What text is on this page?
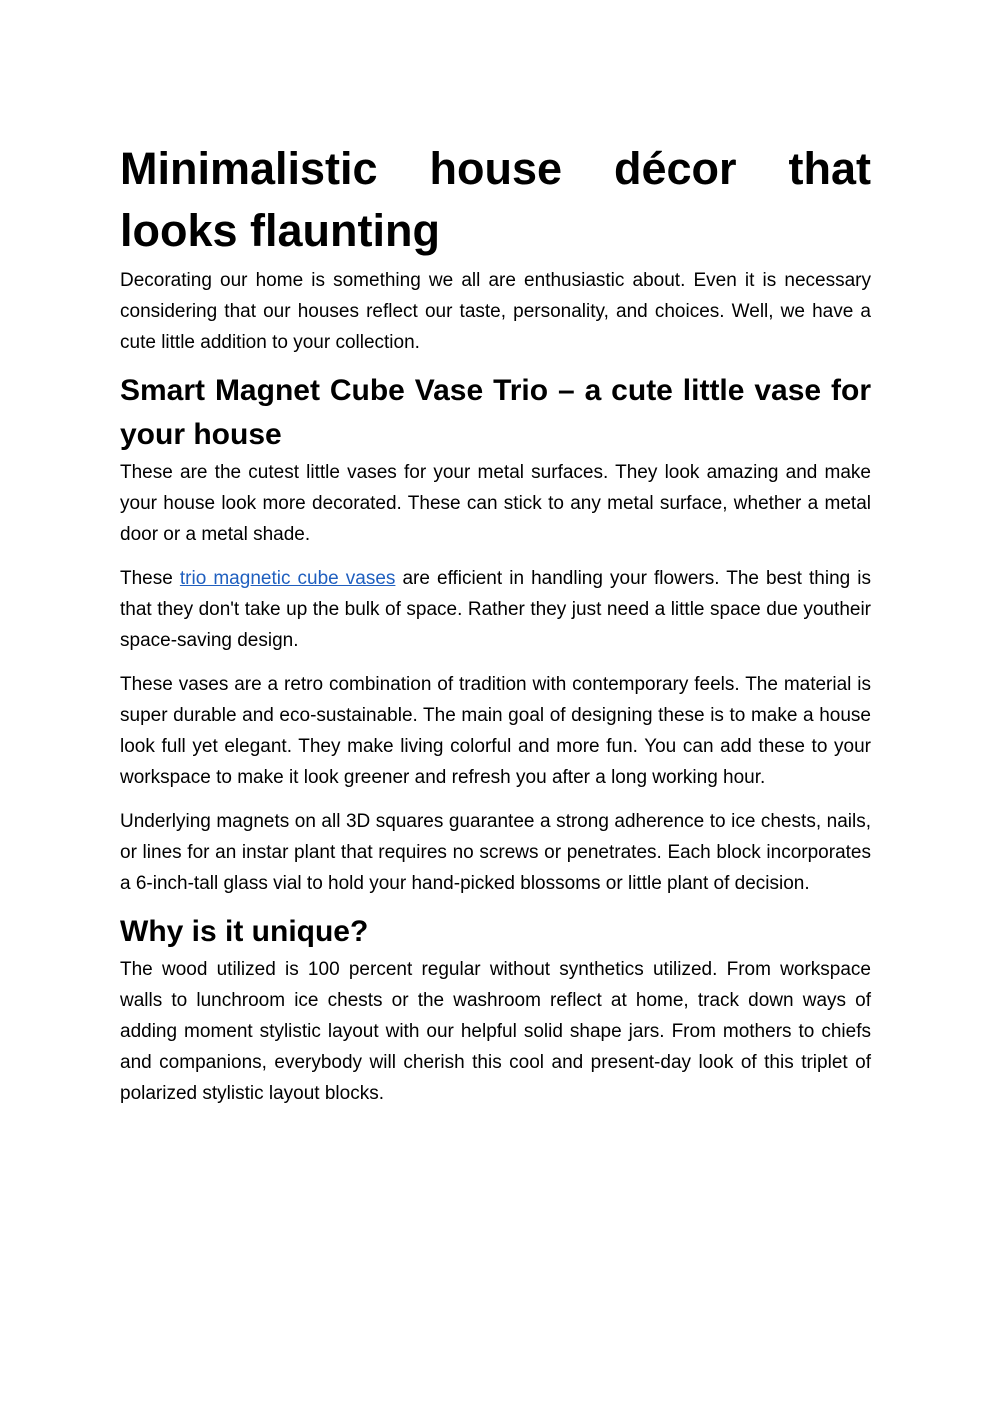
Minimalistic house décor that looks flaunting

Decorating our home is something we all are enthusiastic about. Even it is necessary considering that our houses reflect our taste, personality, and choices. Well, we have a cute little addition to your collection.

Smart Magnet Cube Vase Trio – a cute little vase for your house

These are the cutest little vases for your metal surfaces. They look amazing and make your house look more decorated. These can stick to any metal surface, whether a metal door or a metal shade.

These trio magnetic cube vases are efficient in handling your flowers. The best thing is that they don't take up the bulk of space. Rather they just need a little space due youtheir space-saving design.

These vases are a retro combination of tradition with contemporary feels. The material is super durable and eco-sustainable. The main goal of designing these is to make a house look full yet elegant. They make living colorful and more fun. You can add these to your workspace to make it look greener and refresh you after a long working hour.

Underlying magnets on all 3D squares guarantee a strong adherence to ice chests, nails, or lines for an instar plant that requires no screws or penetrates. Each block incorporates a 6-inch-tall glass vial to hold your hand-picked blossoms or little plant of decision.

Why is it unique?

The wood utilized is 100 percent regular without synthetics utilized. From workspace walls to lunchroom ice chests or the washroom reflect at home, track down ways of adding moment stylistic layout with our helpful solid shape jars. From mothers to chiefs and companions, everybody will cherish this cool and present-day look of this triplet of polarized stylistic layout blocks.
